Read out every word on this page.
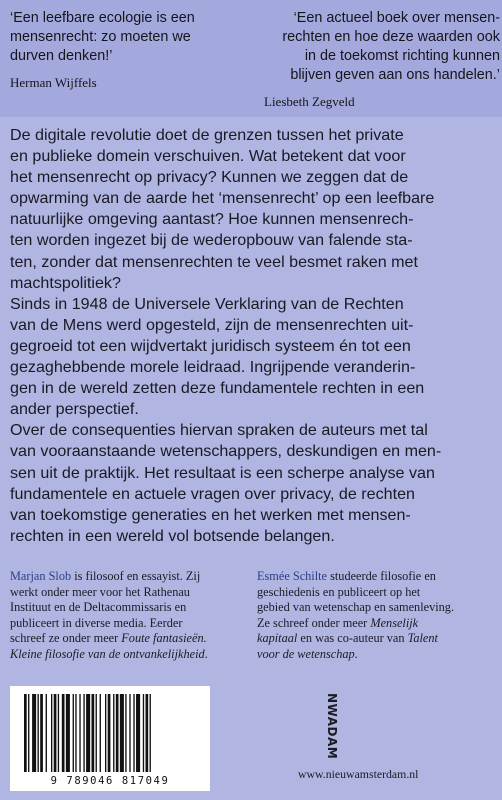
‘Een leefbare ecologie is een
mensenrecht: zo moeten we
durven denken!’
Herman Wijffels
‘Een actueel boek over mensen-
rechten en hoe deze waarden ook
in de toekomst richting kunnen
blijven geven aan ons handelen.’
Liesbeth Zegveld

De digitale revolutie doet de grenzen tussen het private
en publieke domein verschuiven. Wat betekent dat voor
het mensenrecht op privacy? Kunnen we zeggen dat de
opwarming van de aarde het ‘mensenrecht’ op een leefbare
natuurlijke omgeving aantast? Hoe kunnen mensenrech-
ten worden ingezet bij de wederopbouw van falende sta-
ten, zonder dat mensenrechten te veel besmet raken met
machtspolitiek?

Sinds in 1948 de Universele Verklaring van de Rechten
van de Mens werd opgesteld, zijn de mensenrechten uit-
gegroeid tot een wijdvertakt juridisch systeem én tot een
gezaghebbende morele leidraad. Ingrijpende veranderin-
gen in de wereld zetten deze fundamentele rechten in een
ander perspectief.

Over de consequenties hiervan spraken de auteurs met tal
van vooraanstaande wetenschappers, deskundigen en men-
sen uit de praktijk. Het resultaat is een scherpe analyse van
fundamentele en actuele vragen over privacy, de rechten
van toekomstige generaties en het werken met mensen-
rechten in een wereld vol botsende belangen.

Marjan Slob is filosoof en essayist. Zij
werkt onder meer voor het Rathenau
Instituut en de Deltacommissaris en
publiceert in diverse media. Eerder
schreef ze onder meer Foute fantasieën.
Kleine filosofie van de ontvankelijkheid.
Esmée Schilte studeerde filosofie en
geschiedenis en publiceert op het
gebied van wetenschap en samenleving.
Ze schreef onder meer Menselijk
kapitaal en was co-auteur van Talent
voor de wetenschap.
9 789046 817049
NWADAM
www.nieuwamsterdam.nl
